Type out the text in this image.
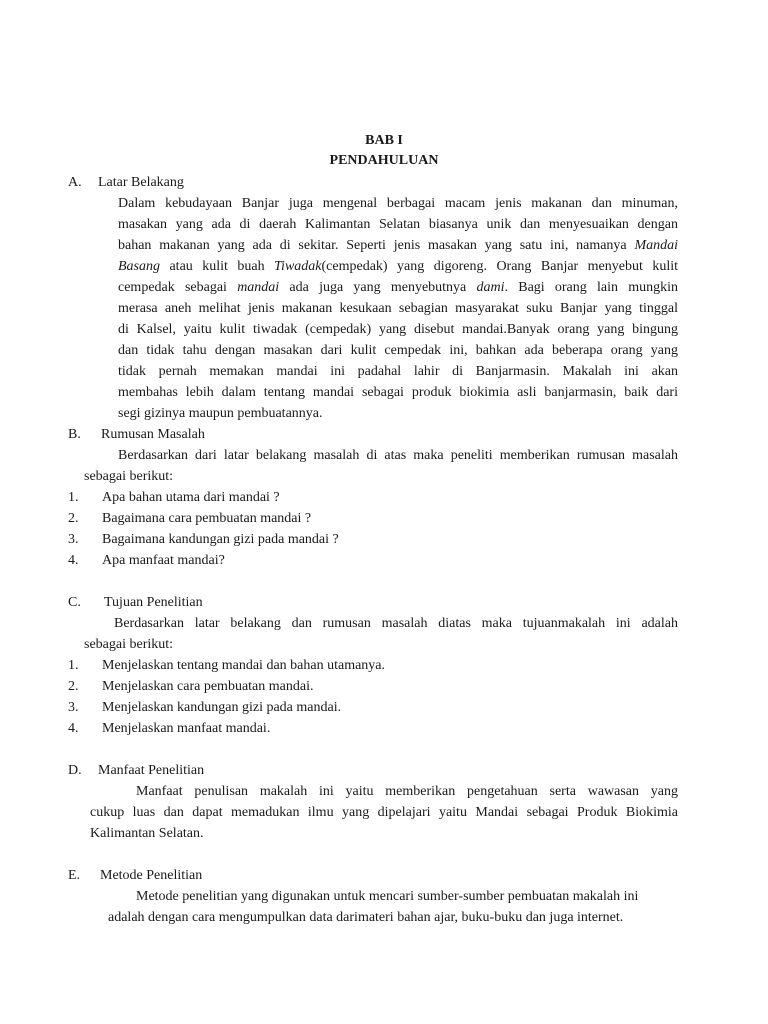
BAB I
PENDAHULUAN
A. Latar Belakang
Dalam kebudayaan Banjar juga mengenal berbagai macam jenis makanan dan minuman,
masakan yang ada di daerah Kalimantan Selatan biasanya unik dan menyesuaikan dengan
bahan makanan yang ada di sekitar. Seperti jenis masakan yang satu ini, namanya Mandai
Basang atau kulit buah Tiwadak(cempedak) yang digoreng. Orang Banjar menyebut kulit
cempedak sebagai mandai ada juga yang menyebutnya dami. Bagi orang lain mungkin
merasa aneh melihat jenis makanan kesukaan sebagian masyarakat suku Banjar yang tinggal
di Kalsel, yaitu kulit tiwadak (cempedak) yang disebut mandai.Banyak orang yang bingung
dan tidak tahu dengan masakan dari kulit cempedak ini, bahkan ada beberapa orang yang
tidak pernah memakan mandai ini padahal lahir di Banjarmasin. Makalah ini akan
membahas lebih dalam tentang mandai sebagai produk biokimia asli banjarmasin, baik dari
segi gizinya maupun pembuatannya.
B. Rumusan Masalah
Berdasarkan dari latar belakang masalah di atas maka peneliti memberikan rumusan masalah
sebagai berikut:
1. Apa bahan utama dari mandai ?
2. Bagaimana cara pembuatan mandai ?
3. Bagaimana kandungan gizi pada mandai ?
4. Apa manfaat mandai?
C. Tujuan Penelitian
Berdasarkan latar belakang dan rumusan masalah diatas maka tujuanmakalah ini adalah
sebagai berikut:
1. Menjelaskan tentang mandai dan bahan utamanya.
2. Menjelaskan cara pembuatan mandai.
3. Menjelaskan kandungan gizi pada mandai.
4. Menjelaskan manfaat mandai.
D. Manfaat Penelitian
Manfaat penulisan makalah ini yaitu memberikan pengetahuan serta wawasan yang
cukup luas dan dapat memadukan ilmu yang dipelajari yaitu Mandai sebagai Produk Biokimia
Kalimantan Selatan.
E. Metode Penelitian
Metode penelitian yang digunakan untuk mencari sumber-sumber pembuatan makalah ini
adalah dengan cara mengumpulkan data darimateri bahan ajar, buku-buku dan juga internet.
